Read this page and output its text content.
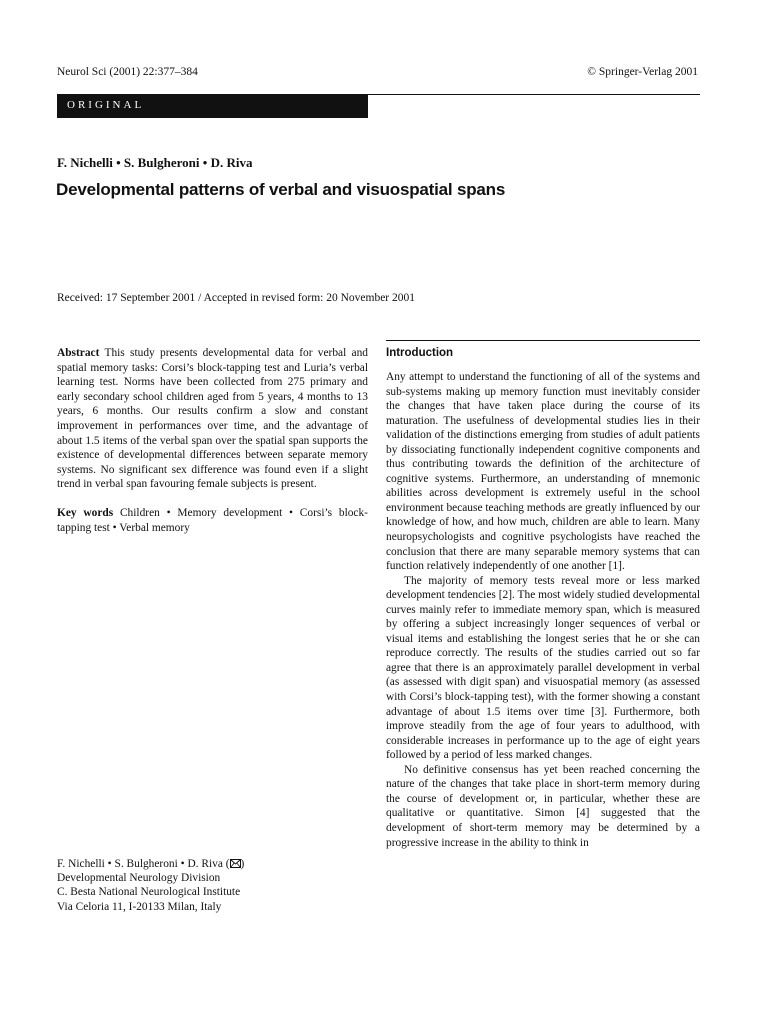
Neurol Sci (2001) 22:377–384	© Springer-Verlag 2001
ORIGINAL
F. Nichelli • S. Bulgheroni • D. Riva
Developmental patterns of verbal and visuospatial spans
Received: 17 September 2001 / Accepted in revised form: 20 November 2001
Abstract This study presents developmental data for verbal and spatial memory tasks: Corsi’s block-tapping test and Luria’s verbal learning test. Norms have been collected from 275 primary and early secondary school children aged from 5 years, 4 months to 13 years, 6 months. Our results confirm a slow and constant improvement in performances over time, and the advantage of about 1.5 items of the verbal span over the spatial span supports the existence of developmental differences between separate memory systems. No significant sex difference was found even if a slight trend in verbal span favouring female subjects is present.
Key words Children • Memory development • Corsi’s block-tapping test • Verbal memory
F. Nichelli • S. Bulgheroni • D. Riva ( )
Developmental Neurology Division
C. Besta National Neurological Institute
Via Celoria 11, I-20133 Milan, Italy
Introduction

Any attempt to understand the functioning of all of the systems and sub-systems making up memory function must inevitably consider the changes that have taken place during the course of its maturation. The usefulness of developmental studies lies in their validation of the distinctions emerging from studies of adult patients by dissociating functionally independent cognitive components and thus contributing towards the definition of the architecture of cognitive systems. Furthermore, an understanding of mnemonic abilities across development is extremely useful in the school environment because teaching methods are greatly influenced by our knowledge of how, and how much, children are able to learn. Many neuropsychologists and cognitive psychologists have reached the conclusion that there are many separable memory systems that can function relatively independently of one another [1].

The majority of memory tests reveal more or less marked development tendencies [2]. The most widely studied developmental curves mainly refer to immediate memory span, which is measured by offering a subject increasingly longer sequences of verbal or visual items and establishing the longest series that he or she can reproduce correctly. The results of the studies carried out so far agree that there is an approximately parallel development in verbal (as assessed with digit span) and visuospatial memory (as assessed with Corsi’s block-tapping test), with the former showing a constant advantage of about 1.5 items over time [3]. Furthermore, both improve steadily from the age of four years to adulthood, with considerable increases in performance up to the age of eight years followed by a period of less marked changes.

No definitive consensus has yet been reached concerning the nature of the changes that take place in short-term memory during the course of development or, in particular, whether these are qualitative or quantitative. Simon [4] suggested that the development of short-term memory may be determined by a progressive increase in the ability to think in
